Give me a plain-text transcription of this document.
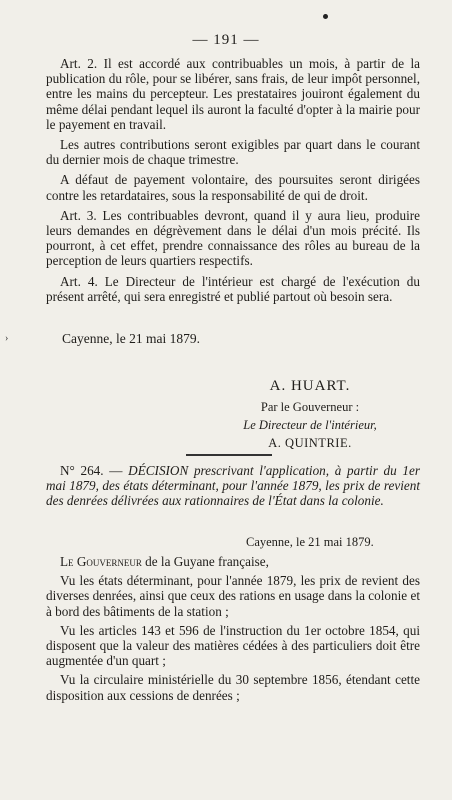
›
— 191 —

Art. 2. Il est accordé aux contribuables un mois, à partir de la publication du rôle, pour se libérer, sans frais, de leur impôt personnel, entre les mains du percepteur. Les prestataires jouiront également du même délai pendant lequel ils auront la faculté d'opter à la mairie pour le payement en travail.

Les autres contributions seront exigibles par quart dans le courant du dernier mois de chaque trimestre.

A défaut de payement volontaire, des poursuites seront dirigées contre les retardataires, sous la responsabilité de qui de droit.

Art. 3. Les contribuables devront, quand il y aura lieu, produire leurs demandes en dégrèvement dans le délai d'un mois précité. Ils pourront, à cet effet, prendre connaissance des rôles au bureau de la perception de leurs quartiers respectifs.

Art. 4. Le Directeur de l'intérieur est chargé de l'exécution du présent arrêté, qui sera enregistré et publié partout où besoin sera.

Cayenne, le 21 mai 1879.
A. HUART.
Par le Gouverneur :
Le Directeur de l'intérieur,
A. QUINTRIE.

N° 264. — DÉCISION prescrivant l'application, à partir du 1er mai 1879, des états déterminant, pour l'année 1879, les prix de revient des denrées délivrées aux rationnaires de l'État dans la colonie.

Cayenne, le 21 mai 1879.

Le Gouverneur de la Guyane française,

Vu les états déterminant, pour l'année 1879, les prix de revient des diverses denrées, ainsi que ceux des rations en usage dans la colonie et à bord des bâtiments de la station ;

Vu les articles 143 et 596 de l'instruction du 1er octobre 1854, qui disposent que la valeur des matières cédées à des particuliers doit être augmentée d'un quart ;

Vu la circulaire ministérielle du 30 septembre 1856, étendant cette disposition aux cessions de denrées ;
